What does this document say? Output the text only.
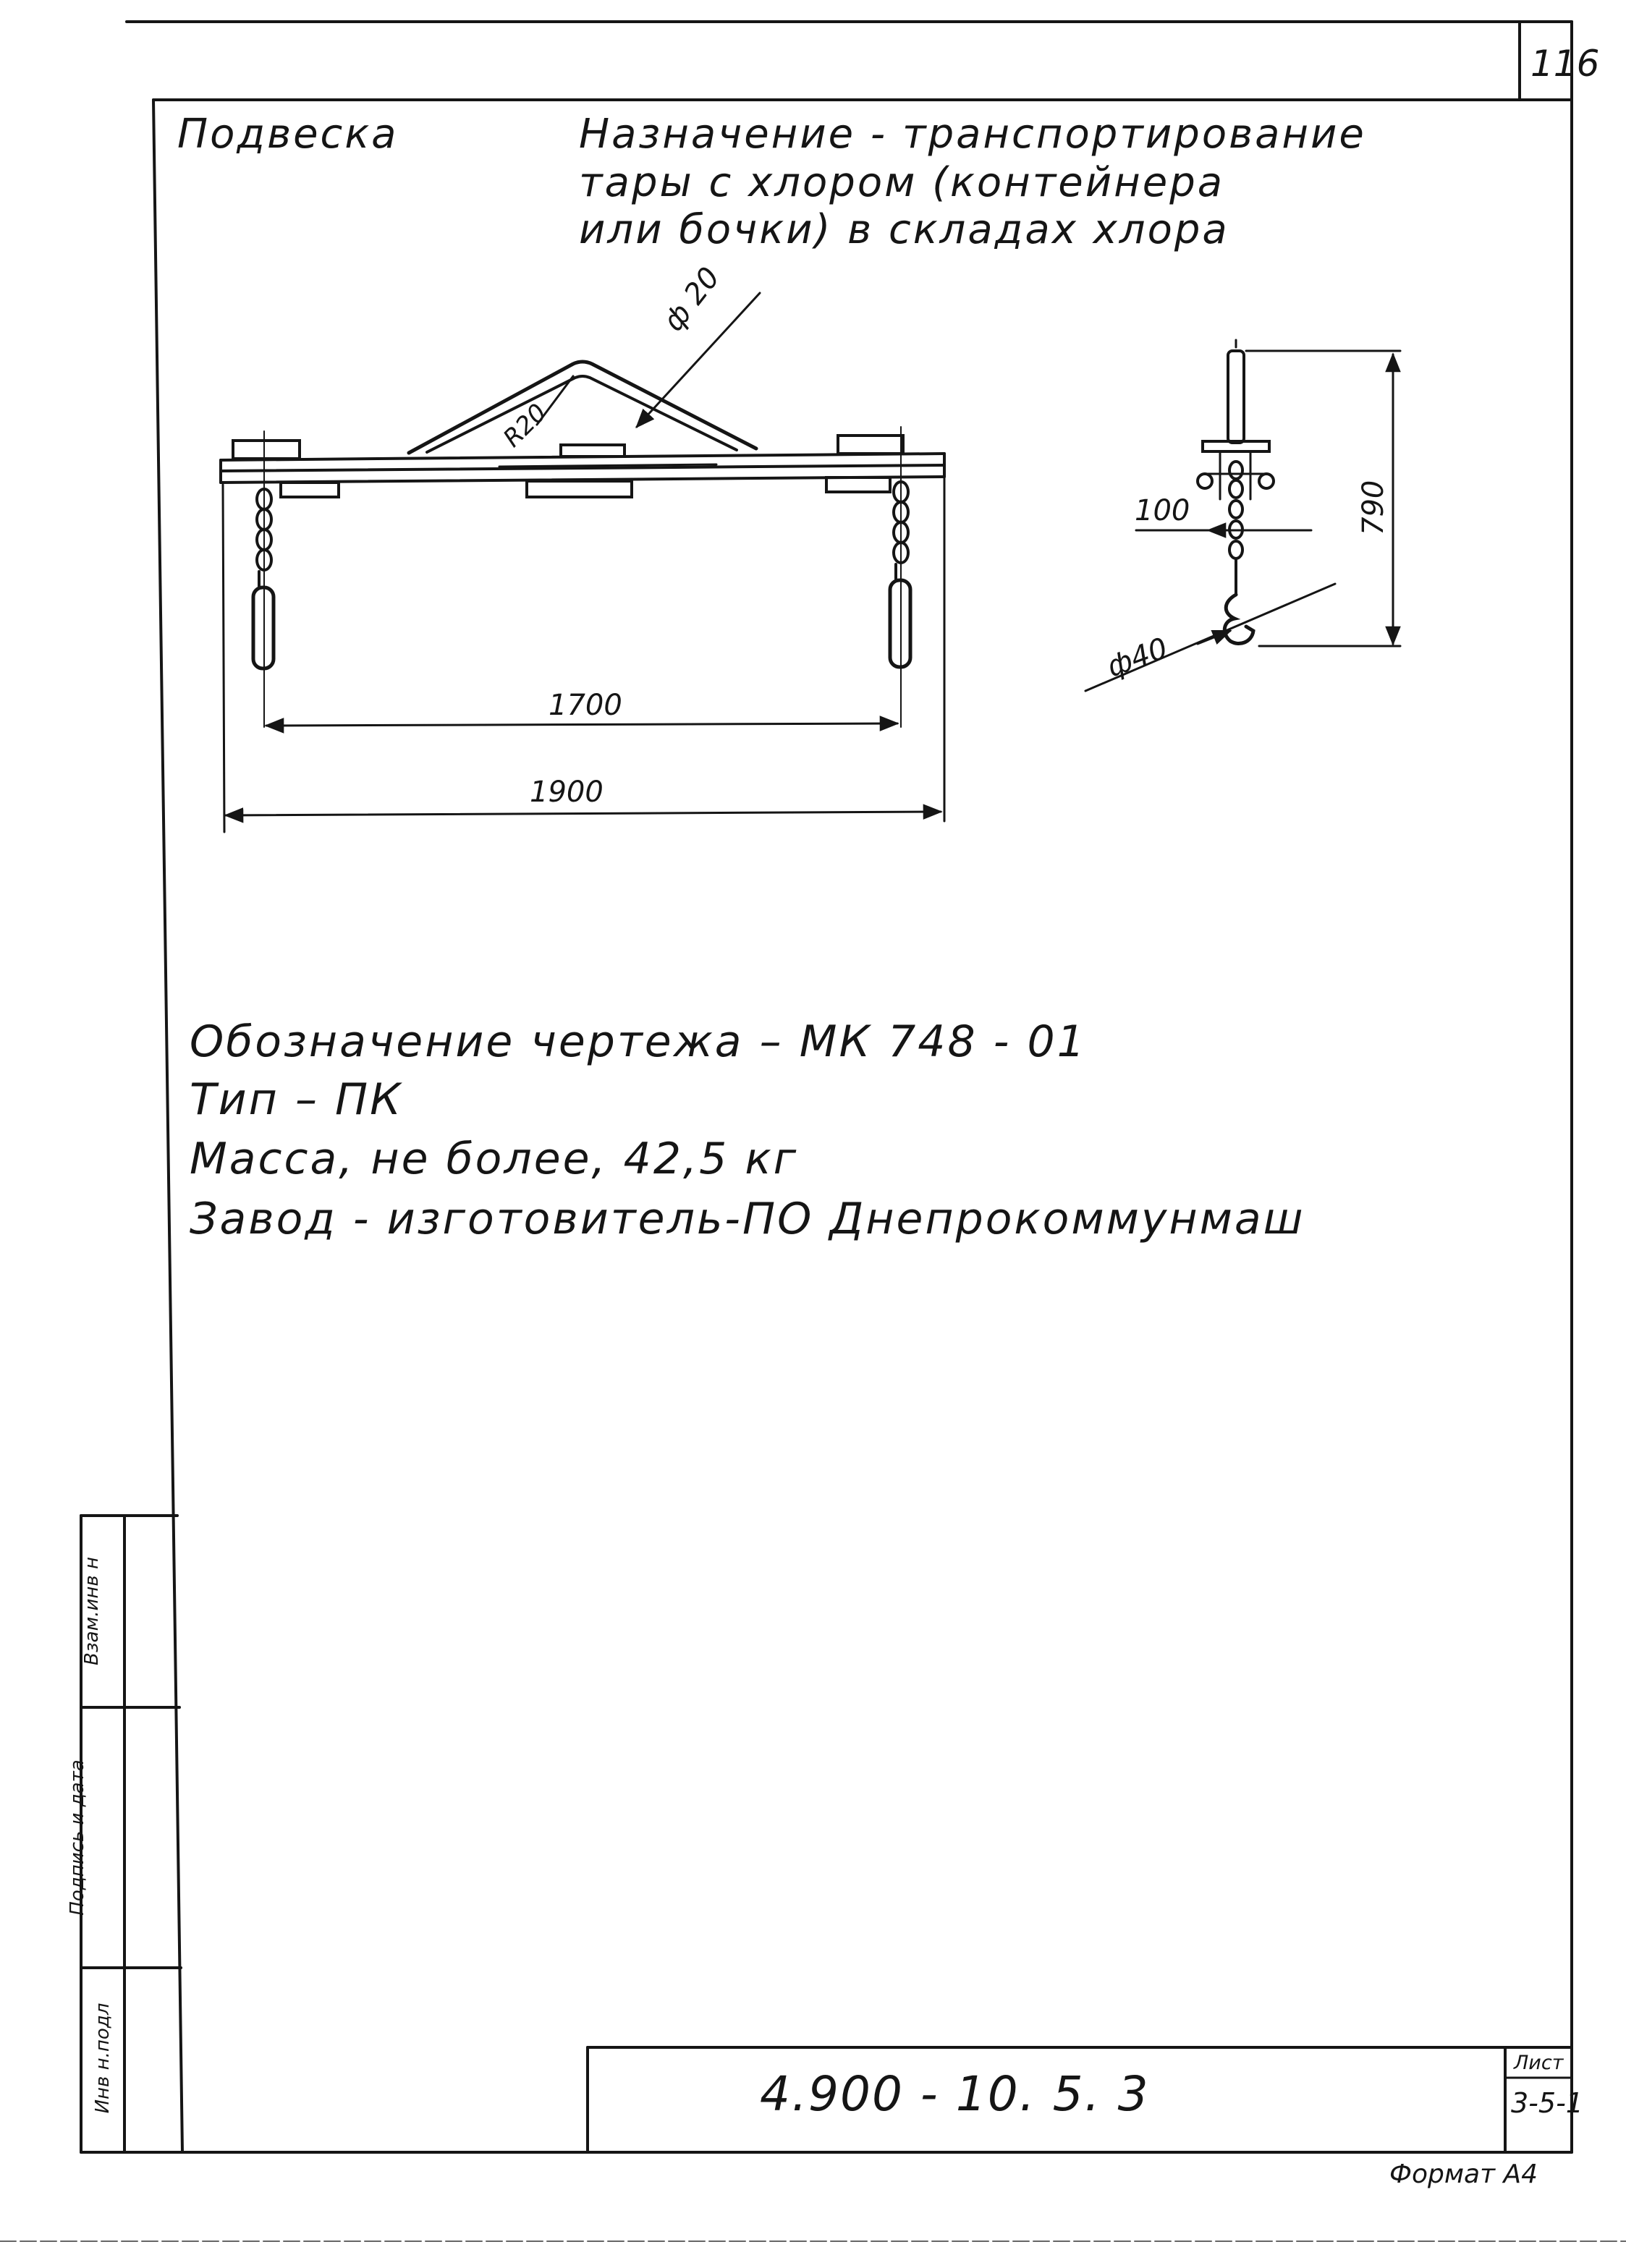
116
Подвеска	Назначение - транспортирование
тары с хлором (контейнера
или бочки) в складах хлора
ф 20
R20
1700
1900
100	790
ф40
Обозначение чертежа – МК 748 - 01
Тип – ПК
Масса, не более, 42,5 кг
Завод - изготовитель-ПО Днепрокоммунмаш
Инв н.подл
Подпись и дата
Взам.инв н
4.900 - 10. 5. 3
Лист
3-5-1
Формат А4
